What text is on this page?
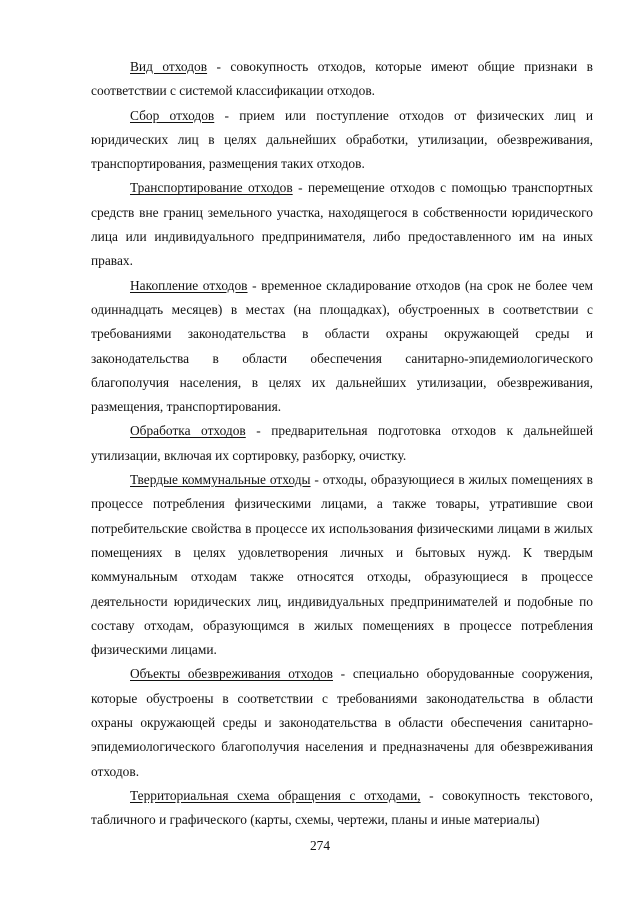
Вид отходов - совокупность отходов, которые имеют общие признаки в соответствии с системой классификации отходов.

Сбор отходов - прием или поступление отходов от физических лиц и юридических лиц в целях дальнейших обработки, утилизации, обезвреживания, транспортирования, размещения таких отходов.

Транспортирование отходов - перемещение отходов с помощью транспортных средств вне границ земельного участка, находящегося в собственности юридического лица или индивидуального предпринимателя, либо предоставленного им на иных правах.

Накопление отходов - временное складирование отходов (на срок не более чем одиннадцать месяцев) в местах (на площадках), обустроенных в соответствии с требованиями законодательства в области охраны окружающей среды и законодательства в области обеспечения санитарно-эпидемиологического благополучия населения, в целях их дальнейших утилизации, обезвреживания, размещения, транспортирования.

Обработка отходов - предварительная подготовка отходов к дальнейшей утилизации, включая их сортировку, разборку, очистку.

Твердые коммунальные отходы - отходы, образующиеся в жилых помещениях в процессе потребления физическими лицами, а также товары, утратившие свои потребительские свойства в процессе их использования физическими лицами в жилых помещениях в целях удовлетворения личных и бытовых нужд. К твердым коммунальным отходам также относятся отходы, образующиеся в процессе деятельности юридических лиц, индивидуальных предпринимателей и подобные по составу отходам, образующимся в жилых помещениях в процессе потребления физическими лицами.

Объекты обезвреживания отходов - специально оборудованные сооружения, которые обустроены в соответствии с требованиями законодательства в области охраны окружающей среды и законодательства в области обеспечения санитарно-эпидемиологического благополучия населения и предназначены для обезвреживания отходов.

Территориальная схема обращения с отходами, - совокупность текстового, табличного и графического (карты, схемы, чертежи, планы и иные материалы)

274
